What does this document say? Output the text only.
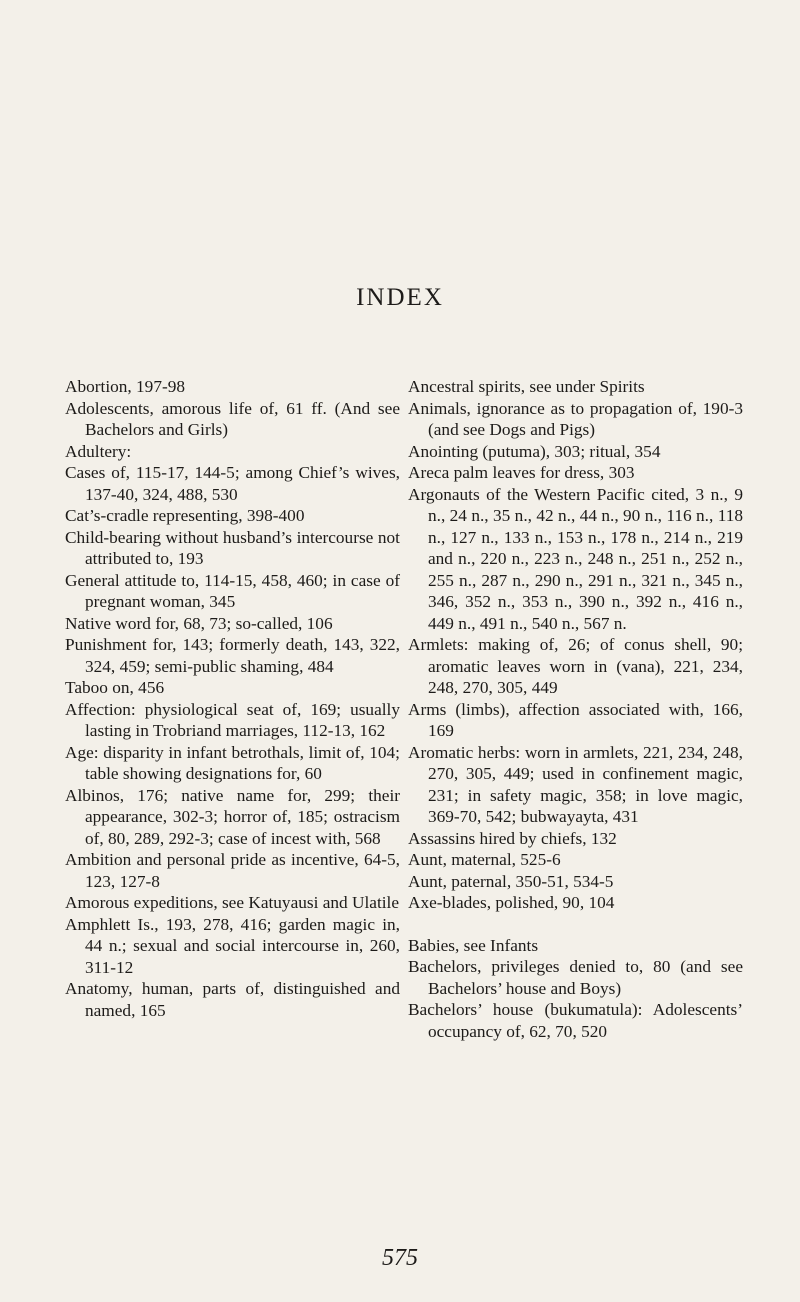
INDEX
Abortion, 197-98
Adolescents, amorous life of, 61 ff. (And see Bachelors and Girls)
Adultery:
Cases of, 115-17, 144-5; among Chief’s wives, 137-40, 324, 488, 530
Cat’s-cradle representing, 398-400
Child-bearing without husband’s intercourse not attributed to, 193
General attitude to, 114-15, 458, 460; in case of pregnant woman, 345
Native word for, 68, 73; so-called, 106
Punishment for, 143; formerly death, 143, 322, 324, 459; semi-public shaming, 484
Taboo on, 456
Affection: physiological seat of, 169; usually lasting in Trobriand marriages, 112-13, 162
Age: disparity in infant betrothals, limit of, 104; table showing designations for, 60
Albinos, 176; native name for, 299; their appearance, 302-3; horror of, 185; ostracism of, 80, 289, 292-3; case of incest with, 568
Ambition and personal pride as incentive, 64-5, 123, 127-8
Amorous expeditions, see Katuyausi and Ulatile
Amphlett Is., 193, 278, 416; garden magic in, 44 n.; sexual and social intercourse in, 260, 311-12
Anatomy, human, parts of, distinguished and named, 165
Ancestral spirits, see under Spirits
Animals, ignorance as to propagation of, 190-3 (and see Dogs and Pigs)
Anointing (putuma), 303; ritual, 354
Areca palm leaves for dress, 303
Argonauts of the Western Pacific cited, 3 n., 9 n., 24 n., 35 n., 42 n., 44 n., 90 n., 116 n., 118 n., 127 n., 133 n., 153 n., 178 n., 214 n., 219 and n., 220 n., 223 n., 248 n., 251 n., 252 n., 255 n., 287 n., 290 n., 291 n., 321 n., 345 n., 346, 352 n., 353 n., 390 n., 392 n., 416 n., 449 n., 491 n., 540 n., 567 n.
Armlets: making of, 26; of conus shell, 90; aromatic leaves worn in (vana), 221, 234, 248, 270, 305, 449
Arms (limbs), affection associated with, 166, 169
Aromatic herbs: worn in armlets, 221, 234, 248, 270, 305, 449; used in confinement magic, 231; in safety magic, 358; in love magic, 369-70, 542; bubwayayta, 431
Assassins hired by chiefs, 132
Aunt, maternal, 525-6
Aunt, paternal, 350-51, 534-5
Axe-blades, polished, 90, 104
Babies, see Infants
Bachelors, privileges denied to, 80 (and see Bachelors’ house and Boys)
Bachelors’ house (bukumatula): Adolescents’ occupancy of, 62, 70, 520
575
